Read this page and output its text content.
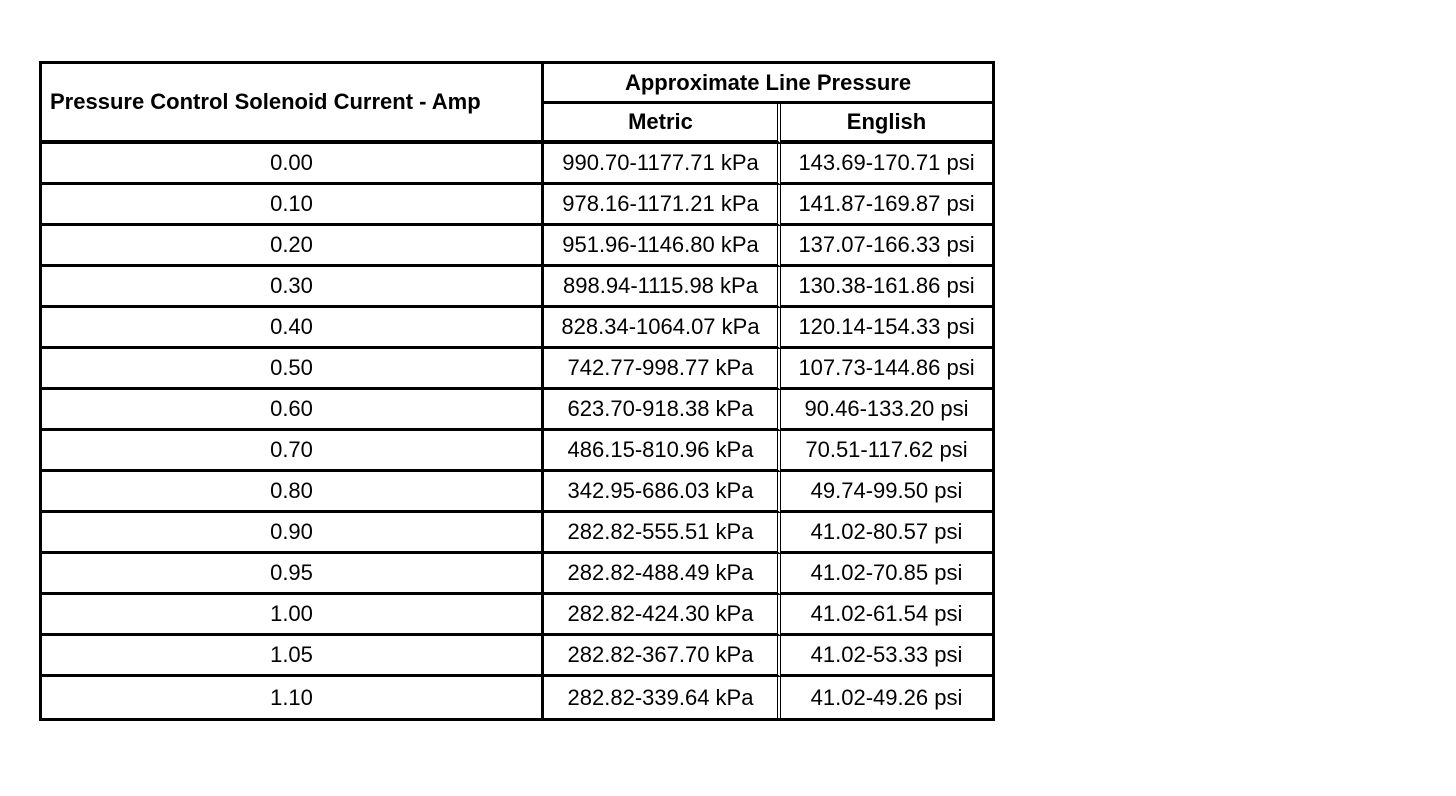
Pressure Control Solenoid Current - Amp	Approximate Line Pressure	
	Metric	English
0.00	990.70-1177.71 kPa	143.69-170.71 psi
0.10	978.16-1171.21 kPa	141.87-169.87 psi
0.20	951.96-1146.80 kPa	137.07-166.33 psi
0.30	898.94-1115.98 kPa	130.38-161.86 psi
0.40	828.34-1064.07 kPa	120.14-154.33 psi
0.50	742.77-998.77 kPa	107.73-144.86 psi
0.60	623.70-918.38 kPa	90.46-133.20 psi
0.70	486.15-810.96 kPa	70.51-117.62 psi
0.80	342.95-686.03 kPa	49.74-99.50 psi
0.90	282.82-555.51 kPa	41.02-80.57 psi
0.95	282.82-488.49 kPa	41.02-70.85 psi
1.00	282.82-424.30 kPa	41.02-61.54 psi
1.05	282.82-367.70 kPa	41.02-53.33 psi
1.10	282.82-339.64 kPa	41.02-49.26 psi
